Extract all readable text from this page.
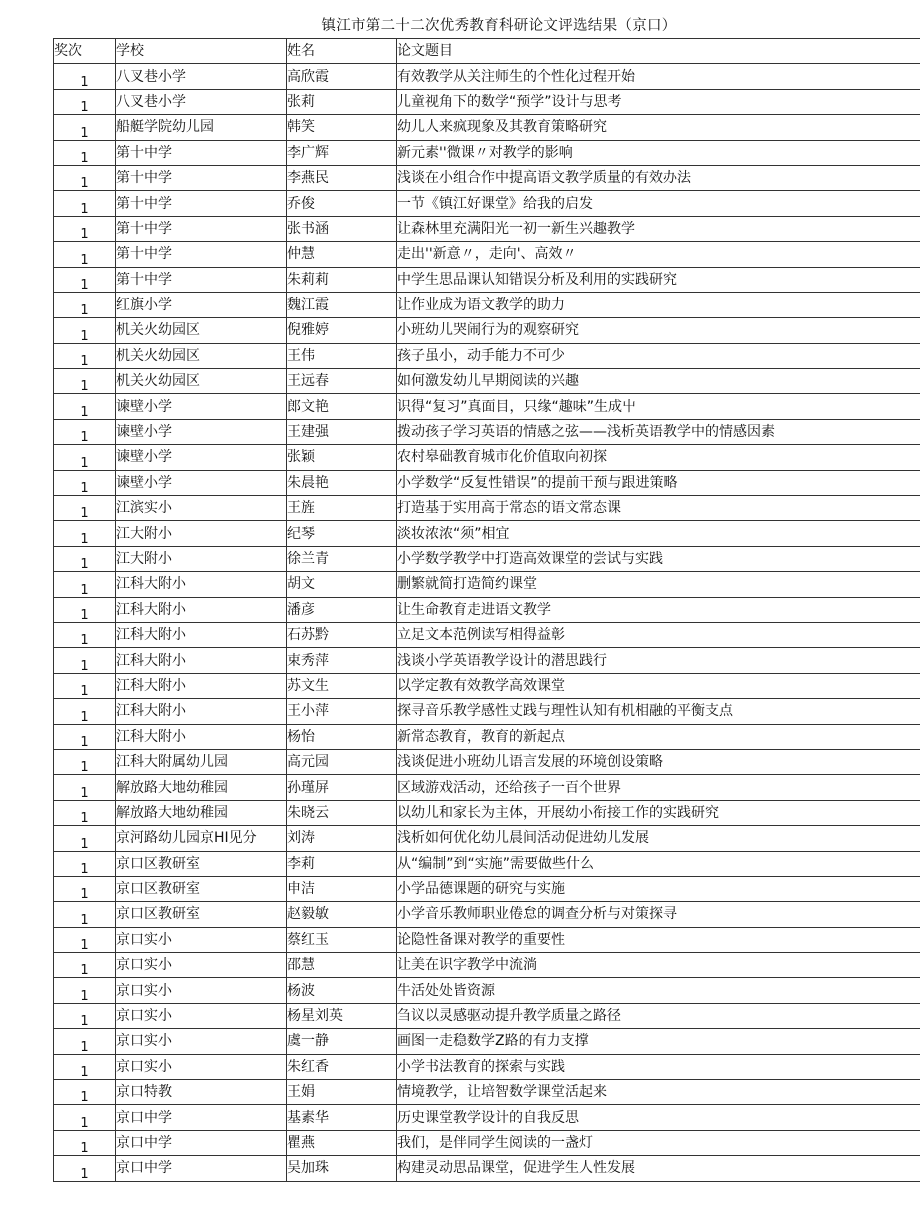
镇江市第二十二次优秀教育科研论文评选结果（京口）
奖次	学校	姓名	论文题目
1	八叉巷小学	高欣霞	有效教学从关注师生的个性化过程开始
1	八叉巷小学	张莉	儿童视角下的数学“预学”设计与思考
1	船艇学院幼儿园	韩笑	幼儿人来疯现象及其教育策略研究
1	第十中学	李广辉	新元素''微课〃对教学的影响
1	第十中学	李燕民	浅谈在小组合作中提高语文教学质量的有效办法
1	第十中学	乔俊	一节《镇江好课堂》给我的启发
1	第十中学	张书涵	让森林里充满阳光一初一新生兴趣教学
1	第十中学	仲慧	走出''新意〃，走向'、高效〃
1	第十中学	朱莉莉	中学生思品课认知错误分析及利用的实践研究
1	红旗小学	魏江霞	让作业成为语文教学的助力
1	机关火幼园区	倪雅婷	小班幼儿哭闹行为的观察研究
1	机关火幼园区	王伟	孩子虽小，动手能力不可少
1	机关火幼园区	王远春	如何激发幼儿早期阅读的兴趣
1	谏壁小学	郎文艳	识得“复习”真面目，只缘“趣味”生成屮
1	谏壁小学	王建强	拨动孩子学习英语的情感之弦——浅析英语教学中的情感因素
1	谏壁小学	张颖	农村皋础教育城市化价值取向初探
1	谏壁小学	朱晨艳	小学数学“反复性错误”的提前干预与跟进策略
1	江滨实小	王旌	打造基于实用高于常态的语文常态课
1	江大附小	纪琴	淡妆浓浓“须”相宜
1	江大附小	徐兰青	小学数学教学中打造高效课堂的尝试与实践
1	江科大附小	胡文	删繁就简打造简约课堂
1	江科大附小	潘彦	让生命教育走进语文教学
1	江科大附小	石苏黔	立足文本范例读写相得益彰
1	江科大附小	束秀萍	浅谈小学英语教学设计的潜思践行
1	江科大附小	苏文生	以学定教有效教学高效课堂
1	江科大附小	王小萍	探寻音乐教学感性丈践与理性认知有机相融的平衡支点
1	江科大附小	杨怡	新常态教育，教育的新起点
1	江科大附属幼儿园	高元园	浅谈促进小班幼儿语言发展的环境创设策略
1	解放路大地幼稚园	孙瑾屏	区域游戏活动，还给孩子一百个世界
1	解放路大地幼稚园	朱晓云	以幼儿和家长为主体，开展幼小衔接工作的实践研究
1	京河路幼儿园京HI见分	刘涛	浅析如何优化幼儿晨间活动促进幼儿发展
1	京口区教研室	李莉	从“编制”到“实施”需要做些什么
1	京口区教研室	申洁	小学品德课题的研究与实施
1	京口区教研室	赵毅敏	小学音乐教师职业倦怠的调查分析与对策探寻
1	京口实小	蔡红玉	论隐性备课对教学的重要性
1	京口实小	邵慧	让美在识字教学中流淌
1	京口实小	杨波	牛活处处皆资源
1	京口实小	杨星刘英	刍议以灵感驱动提升教学质量之路径
1	京口实小	虞一静	画图一走稳数学Z路的有力支撑
1	京口实小	朱红香	小学书法教育的探索与实践
1	京口特教	王娟	情境教学，让培智数学课堂活起来
1	京口中学	基素华	历史课堂教学设计的自我反思
1	京口中学	瞿燕	我们，是伴同学生阅读的一盏灯
1	京口中学	吴加珠	构建灵动思品课堂，促进学生人性发展
